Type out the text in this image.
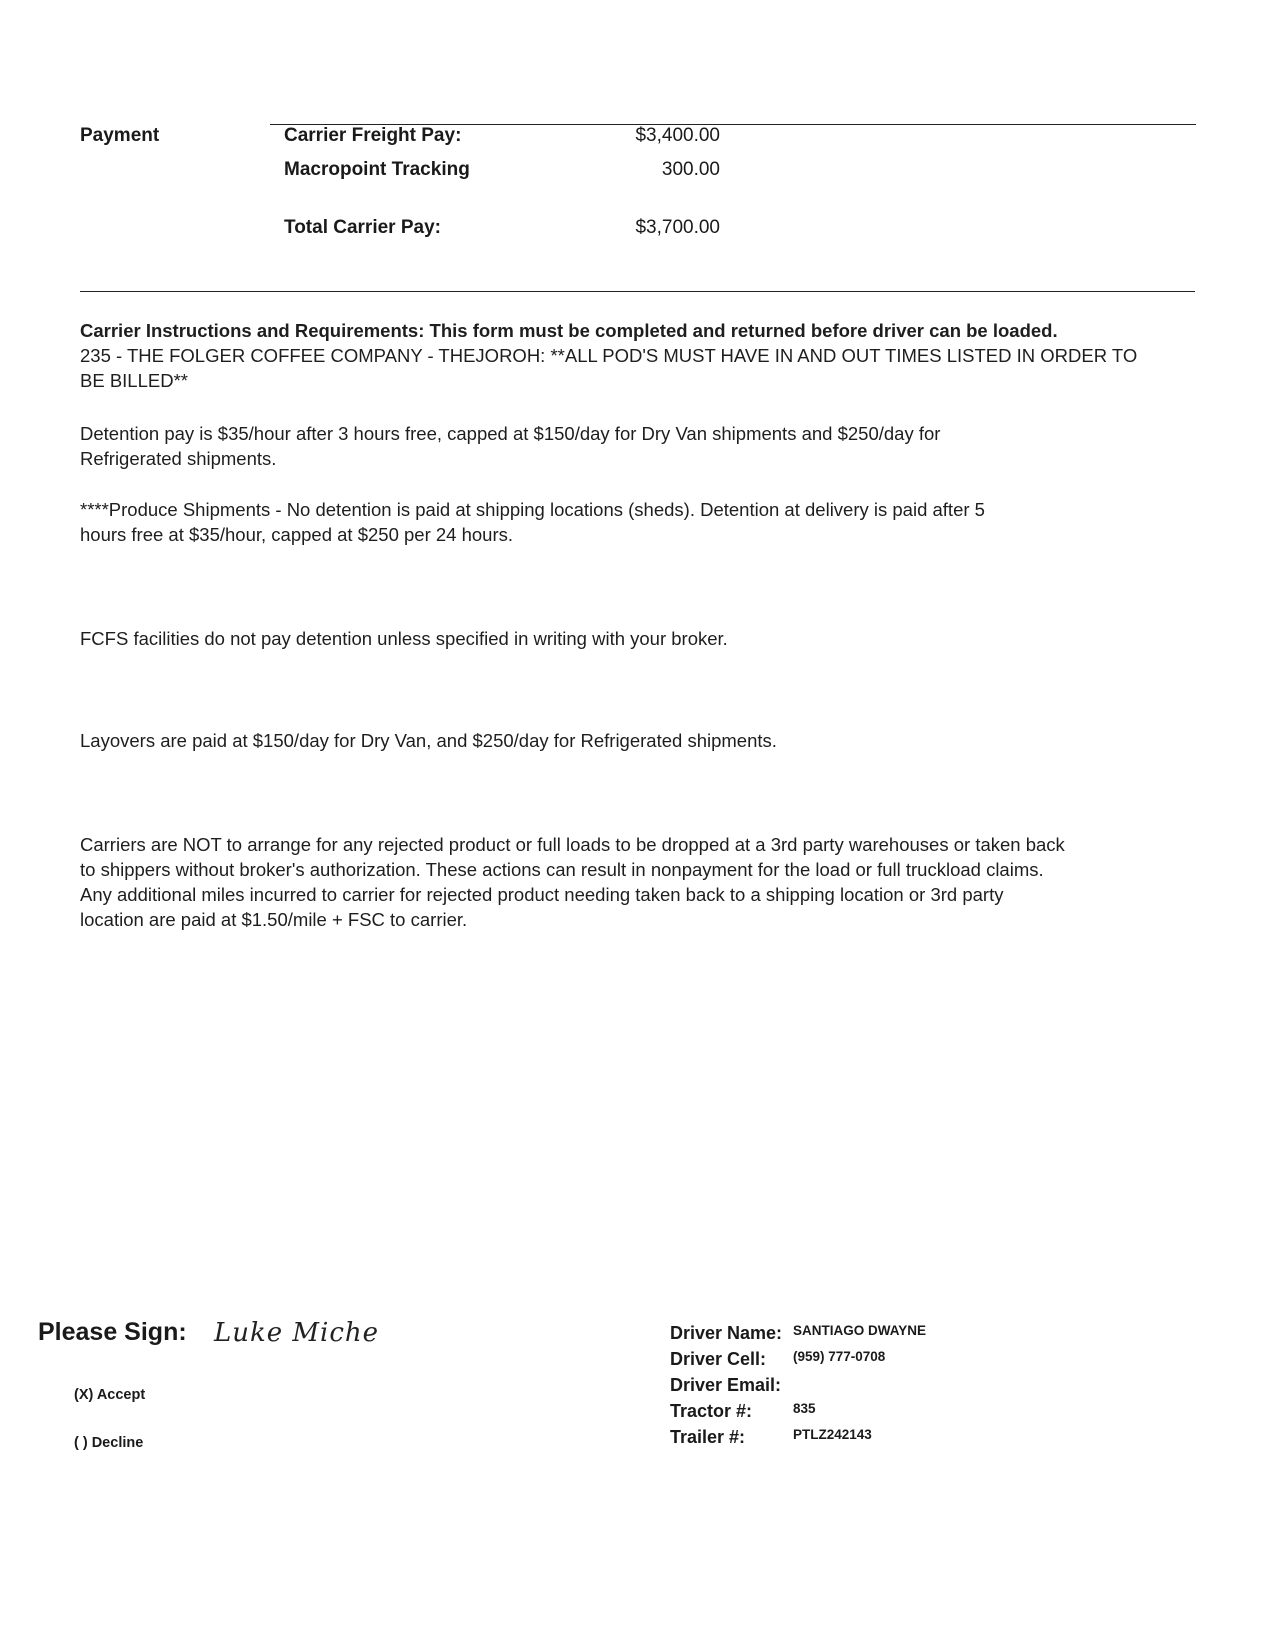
Payment	Carrier Freight Pay:	$3,400.00
Macropoint Tracking	300.00
Total Carrier Pay:	$3,700.00

Carrier Instructions and Requirements: This form must be completed and returned before driver can be loaded.

235 - THE FOLGER COFFEE COMPANY - THEJOROH: **ALL POD'S MUST HAVE IN AND OUT TIMES LISTED IN ORDER TO BE BILLED**

Detention pay is $35/hour after 3 hours free, capped at $150/day for Dry Van shipments and $250/day for Refrigerated shipments.

****Produce Shipments - No detention is paid at shipping locations (sheds). Detention at delivery is paid after 5 hours free at $35/hour, capped at $250 per 24 hours.

FCFS facilities do not pay detention unless specified in writing with your broker.

Layovers are paid at $150/day for Dry Van, and $250/day for Refrigerated shipments.

Carriers are NOT to arrange for any rejected product or full loads to be dropped at a 3rd party warehouses or taken back to shippers without broker's authorization. These actions can result in nonpayment for the load or full truckload claims. Any additional miles incurred to carrier for rejected product needing taken back to a shipping location or 3rd party location are paid at $1.50/mile + FSC to carrier.

Please Sign: Luke Miche
(X) Accept
( ) Decline
Driver Name: SANTIAGO DWAYNE
Driver Cell: (959) 777-0708
Driver Email:
Tractor #:	835
Trailer #:	PTLZ242143
